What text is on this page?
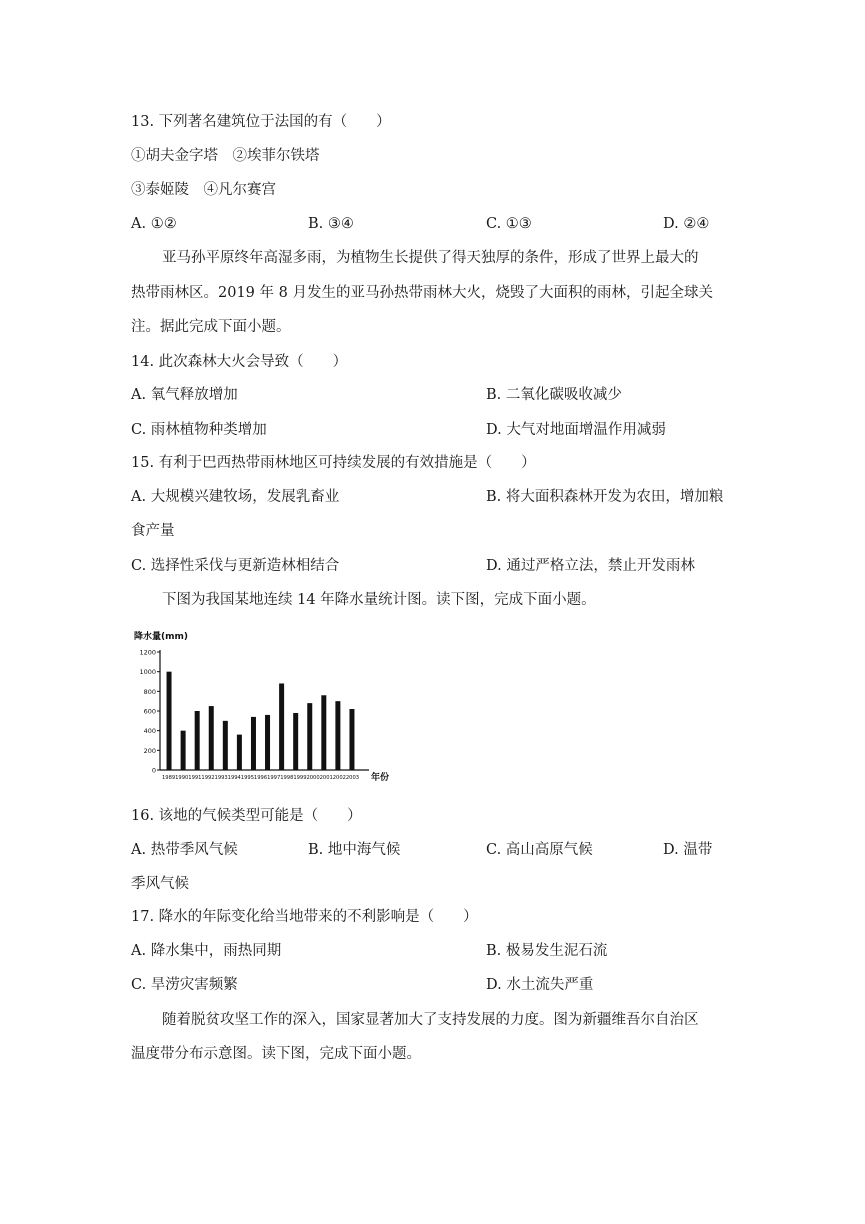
13. 下列著名建筑位于法国的有（　　）
①胡夫金字塔　②埃菲尔铁塔
③泰姬陵　④凡尔赛宫
A. ①②	B. ③④	C. ①③	D. ②④
亚马孙平原终年高湿多雨，为植物生长提供了得天独厚的条件，形成了世界上最大的
热带雨林区。2019 年 8 月发生的亚马孙热带雨林大火，烧毁了大面积的雨林，引起全球关
注。据此完成下面小题。
14. 此次森林大火会导致（　　）
A. 氧气释放增加	B. 二氧化碳吸收减少
C. 雨林植物种类增加	D. 大气对地面增温作用减弱
15. 有利于巴西热带雨林地区可持续发展的有效措施是（　　）
A. 大规模兴建牧场，发展乳畜业	B. 将大面积森林开发为农田，增加粮
食产量
C. 选择性采伐与更新造林相结合	D. 通过严格立法，禁止开发雨林
下图为我国某地连续 14 年降水量统计图。读下图，完成下面小题。
降水量(mm)
0
200
400
600
800
1000
1200
1989 1990 1991 1992 1993 1994 1995 1996 1997 1998 1999 2000 2001 2002 2003 年份
16. 该地的气候类型可能是（　　）
A. 热带季风气候	B. 地中海气候	C. 高山高原气候	D. 温带
季风气候
17. 降水的年际变化给当地带来的不利影响是（　　）
A. 降水集中，雨热同期	B. 极易发生泥石流
C. 旱涝灾害频繁	D. 水土流失严重
随着脱贫攻坚工作的深入，国家显著加大了支持发展的力度。图为新疆维吾尔自治区
温度带分布示意图。读下图，完成下面小题。
